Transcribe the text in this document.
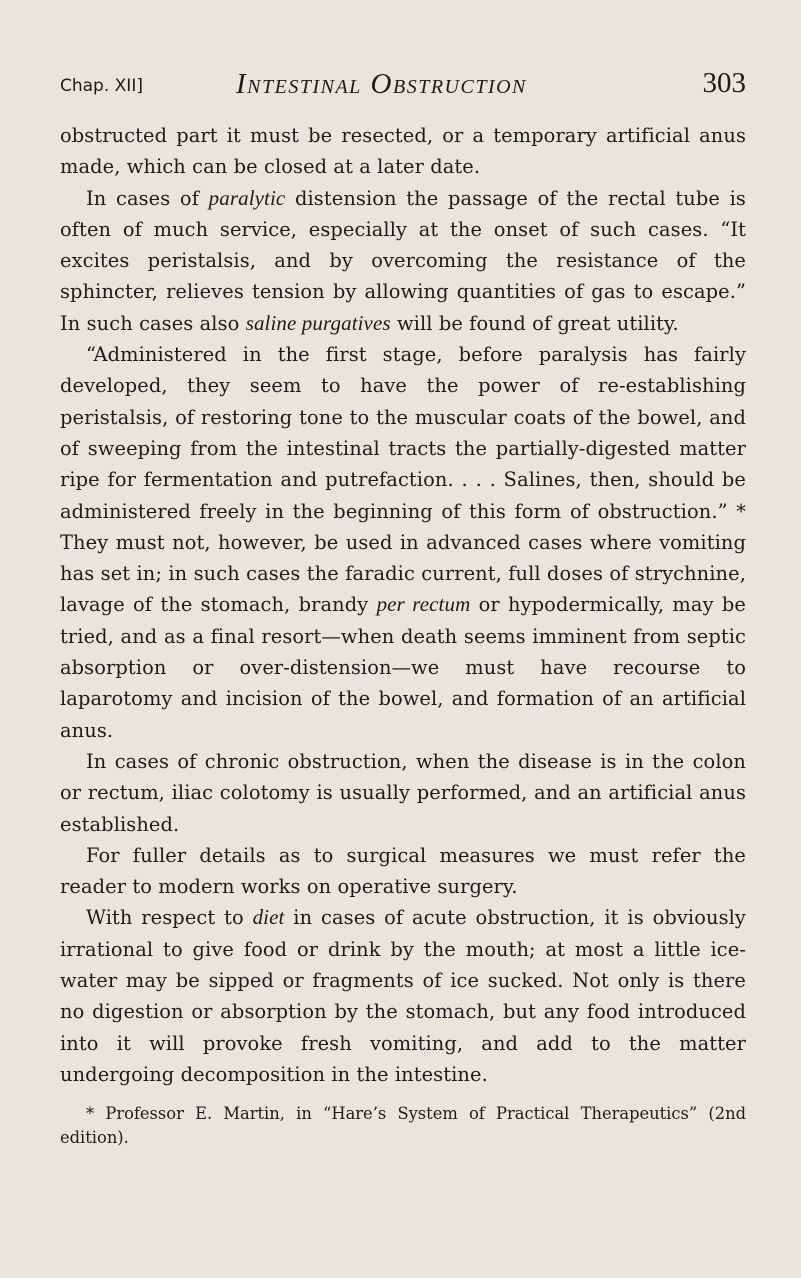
Chap. XII]	Intestinal Obstruction	303

obstructed part it must be resected, or a temporary artificial anus made, which can be closed at a later date.

In cases of paralytic distension the passage of the rectal tube is often of much service, especially at the onset of such cases. “It excites peristalsis, and by overcoming the resistance of the sphincter, relieves tension by allowing quantities of gas to escape.” In such cases also saline purgatives will be found of great utility.

“Administered in the first stage, before paralysis has fairly developed, they seem to have the power of re-establishing peristalsis, of restoring tone to the muscular coats of the bowel, and of sweeping from the intestinal tracts the partially-digested matter ripe for fermentation and putrefaction. . . . Salines, then, should be administered freely in the beginning of this form of obstruction.” * They must not, however, be used in advanced cases where vomiting has set in; in such cases the faradic current, full doses of strychnine, lavage of the stomach, brandy per rectum or hypodermically, may be tried, and as a final resort—when death seems imminent from septic absorption or over-distension—we must have recourse to laparotomy and incision of the bowel, and formation of an artificial anus.

In cases of chronic obstruction, when the disease is in the colon or rectum, iliac colotomy is usually performed, and an artificial anus established.

For fuller details as to surgical measures we must refer the reader to modern works on operative surgery.

With respect to diet in cases of acute obstruction, it is obviously irrational to give food or drink by the mouth; at most a little ice-water may be sipped or fragments of ice sucked. Not only is there no digestion or absorption by the stomach, but any food introduced into it will provoke fresh vomiting, and add to the matter undergoing decomposition in the intestine.

* Professor E. Martin, in “Hare’s System of Practical Therapeutics” (2nd edition).
